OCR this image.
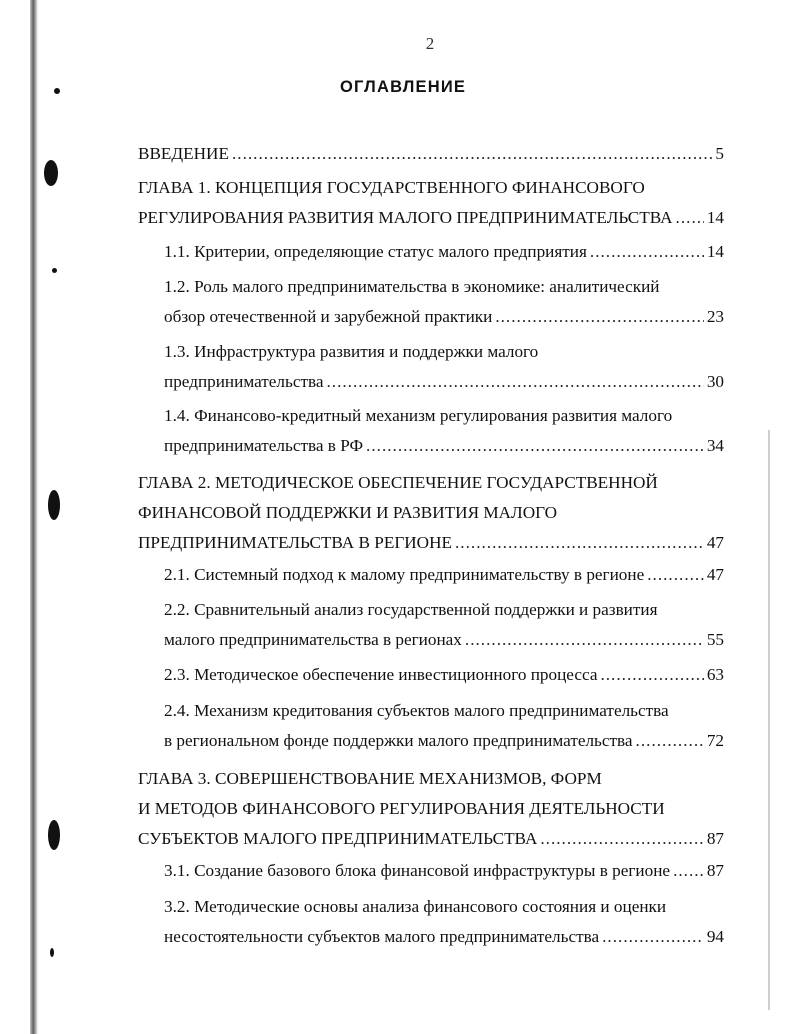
2
ОГЛАВЛЕНИЕ
ВВЕДЕНИЕ .....	5
ГЛАВА 1. КОНЦЕПЦИЯ ГОСУДАРСТВЕННОГО ФИНАНСОВОГО
РЕГУЛИРОВАНИЯ РАЗВИТИЯ МАЛОГО ПРЕДПРИНИМАТЕЛЬСТВА ..... 14
1.1. Критерии, определяющие статус малого предприятия .....	14
1.2. Роль малого предпринимательства в экономике: аналитический
обзор отечественной и зарубежной практики .....	23
1.3. Инфраструктура развития и поддержки малого
предпринимательства .....	30
1.4. Финансово-кредитный механизм регулирования развития малого
предпринимательства в РФ .....	34
ГЛАВА 2. МЕТОДИЧЕСКОЕ ОБЕСПЕЧЕНИЕ ГОСУДАРСТВЕННОЙ
ФИНАНСОВОЙ ПОДДЕРЖКИ И РАЗВИТИЯ МАЛОГО
ПРЕДПРИНИМАТЕЛЬСТВА В РЕГИОНЕ .....	47
2.1. Системный подход к малому предпринимательству в регионе .....	47
2.2. Сравнительный анализ государственной поддержки и развития
малого предпринимательства в регионах .....	55
2.3. Методическое обеспечение инвестиционного процесса .....	63
2.4. Механизм кредитования субъектов малого предпринимательства
в региональном фонде поддержки малого предпринимательства .....	72
ГЛАВА 3. СОВЕРШЕНСТВОВАНИЕ МЕХАНИЗМОВ, ФОРМ
И МЕТОДОВ ФИНАНСОВОГО РЕГУЛИРОВАНИЯ ДЕЯТЕЛЬНОСТИ
СУБЪЕКТОВ МАЛОГО ПРЕДПРИНИМАТЕЛЬСТВА .....	87
3.1. Создание базового блока финансовой инфраструктуры в регионе ..... 87
3.2. Методические основы анализа финансового состояния и оценки
несостоятельности субъектов малого предпринимательства .....	94
